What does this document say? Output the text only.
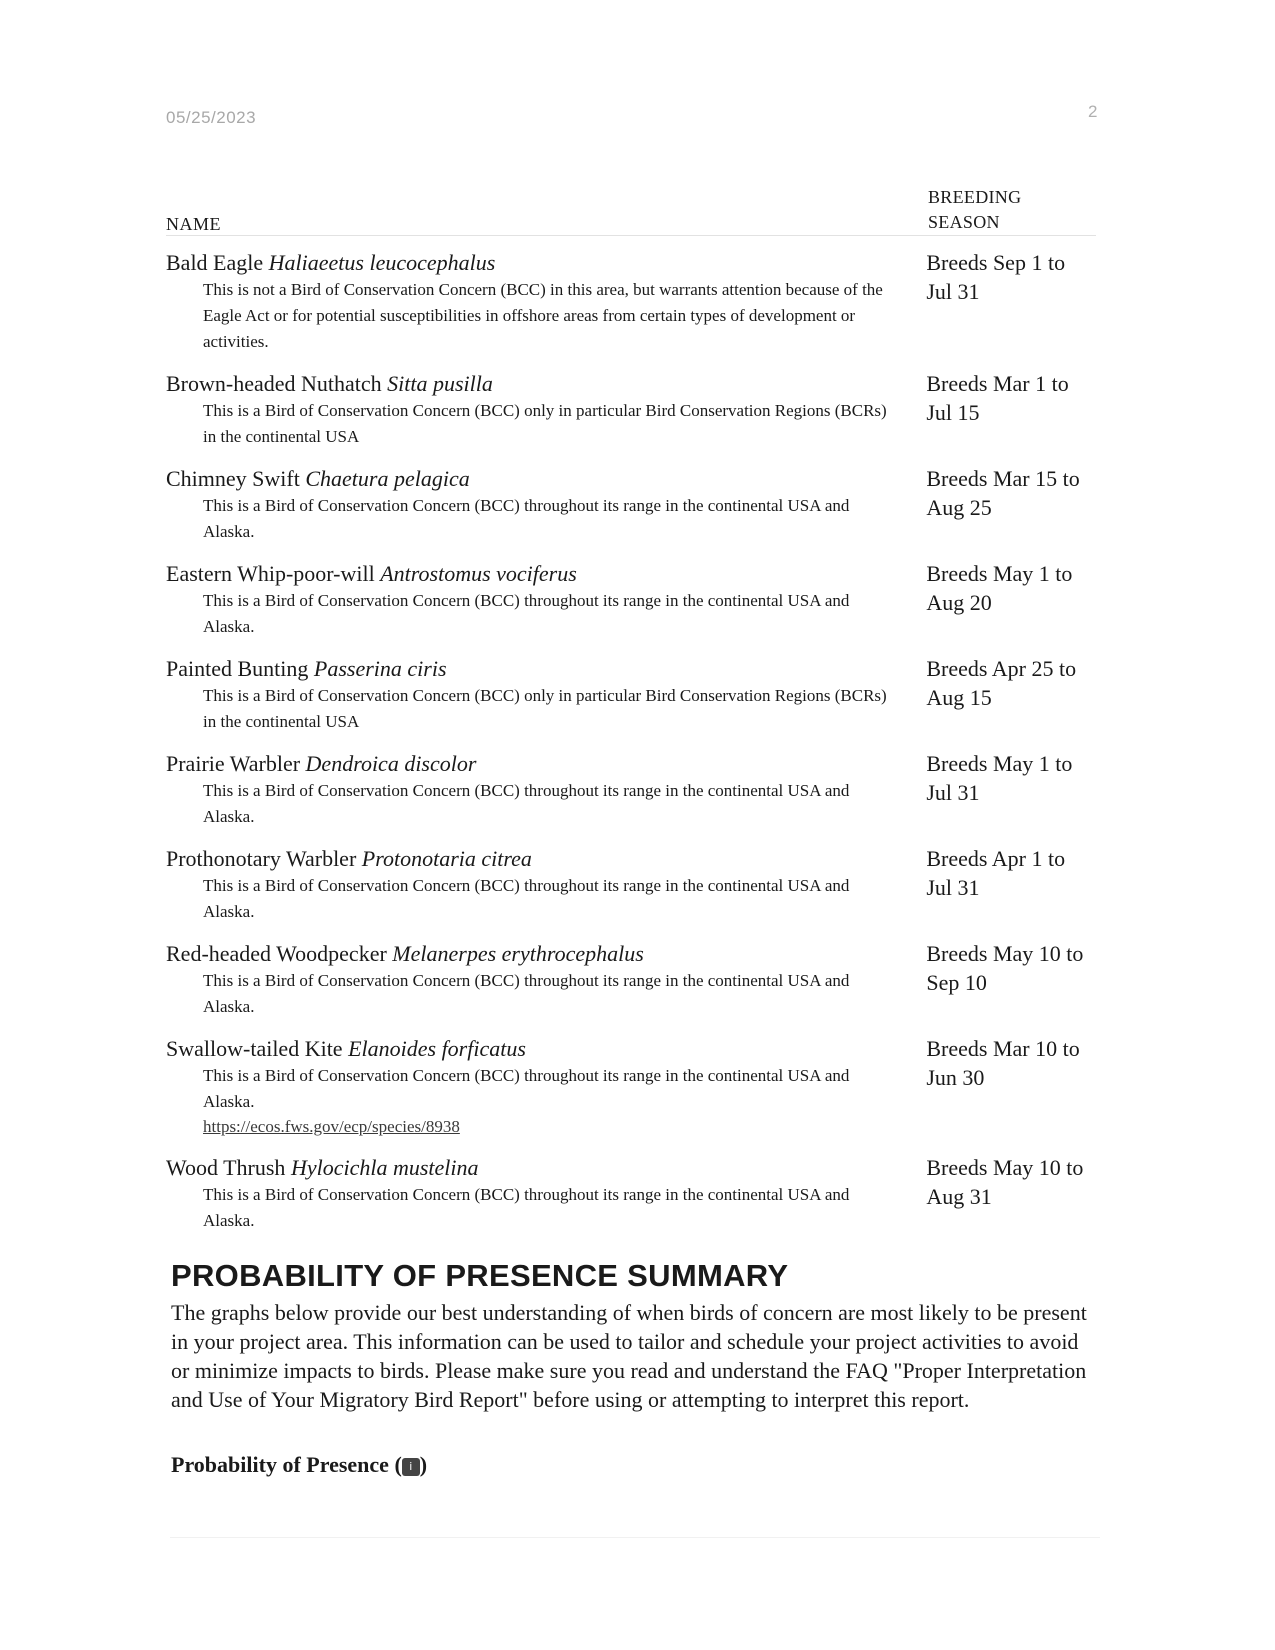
05/25/2023	2
NAME
BREEDING
SEASON
Bald Eagle Haliaeetus leucocephalus
This is not a Bird of Conservation Concern (BCC) in this area, but warrants attention because of the Eagle Act or for potential susceptibilities in offshore areas from certain types of development or activities.
Breeds Sep 1 to Jul 31
Brown-headed Nuthatch Sitta pusilla
This is a Bird of Conservation Concern (BCC) only in particular Bird Conservation Regions (BCRs) in the continental USA
Breeds Mar 1 to Jul 15
Chimney Swift Chaetura pelagica
This is a Bird of Conservation Concern (BCC) throughout its range in the continental USA and Alaska.
Breeds Mar 15 to Aug 25
Eastern Whip-poor-will Antrostomus vociferus
This is a Bird of Conservation Concern (BCC) throughout its range in the continental USA and Alaska.
Breeds May 1 to Aug 20
Painted Bunting Passerina ciris
This is a Bird of Conservation Concern (BCC) only in particular Bird Conservation Regions (BCRs) in the continental USA
Breeds Apr 25 to Aug 15
Prairie Warbler Dendroica discolor
This is a Bird of Conservation Concern (BCC) throughout its range in the continental USA and Alaska.
Breeds May 1 to Jul 31
Prothonotary Warbler Protonotaria citrea
This is a Bird of Conservation Concern (BCC) throughout its range in the continental USA and Alaska.
Breeds Apr 1 to Jul 31
Red-headed Woodpecker Melanerpes erythrocephalus
This is a Bird of Conservation Concern (BCC) throughout its range in the continental USA and Alaska.
Breeds May 10 to Sep 10
Swallow-tailed Kite Elanoides forficatus
This is a Bird of Conservation Concern (BCC) throughout its range in the continental USA and Alaska.
https://ecos.fws.gov/ecp/species/8938
Breeds Mar 10 to Jun 30
Wood Thrush Hylocichla mustelina
This is a Bird of Conservation Concern (BCC) throughout its range in the continental USA and Alaska.
Breeds May 10 to Aug 31
PROBABILITY OF PRESENCE SUMMARY

The graphs below provide our best understanding of when birds of concern are most likely to be present in your project area. This information can be used to tailor and schedule your project activities to avoid or minimize impacts to birds. Please make sure you read and understand the FAQ "Proper Interpretation and Use of Your Migratory Bird Report" before using or attempting to interpret this report.

Probability of Presence ( i )
